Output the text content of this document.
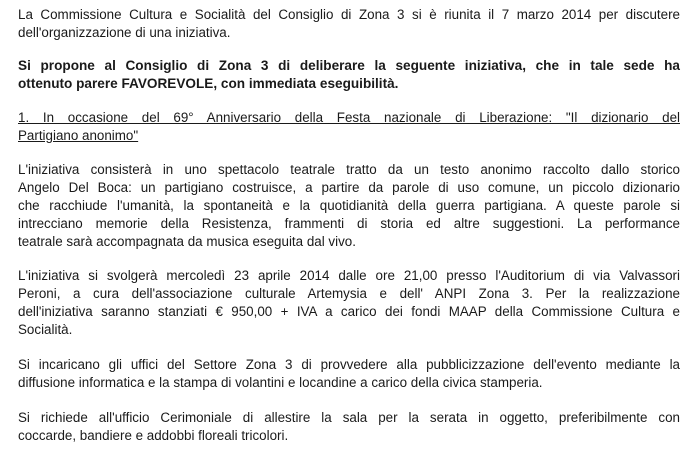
La Commissione Cultura e Socialità del Consiglio di Zona 3 si è riunita il 7 marzo 2014 per discutere
dell'organizzazione di una iniziativa.

Si propone al Consiglio di Zona 3 di deliberare la seguente iniziativa, che in tale sede ha
ottenuto parere FAVOREVOLE, con immediata eseguibilità.

1. In occasione del 69° Anniversario della Festa nazionale di Liberazione: "Il dizionario del
Partigiano anonimo"

L'iniziativa consisterà in uno spettacolo teatrale tratto da un testo anonimo raccolto dallo storico
Angelo Del Boca: un partigiano costruisce, a partire da parole di uso comune, un piccolo dizionario
che racchiude l'umanità, la spontaneità e la quotidianità della guerra partigiana. A queste parole si
intrecciano memorie della Resistenza, frammenti di storia ed altre suggestioni. La performance
teatrale sarà accompagnata da musica eseguita dal vivo.

L'iniziativa si svolgerà mercoledì 23 aprile 2014 dalle ore 21,00 presso l'Auditorium di via Valvassori
Peroni, a cura dell'associazione culturale Artemysia e dell' ANPI Zona 3. Per la realizzazione
dell'iniziativa saranno stanziati € 950,00 + IVA a carico dei fondi MAAP della Commissione Cultura e
Socialità.

Si incaricano gli uffici del Settore Zona 3 di provvedere alla pubblicizzazione dell'evento mediante la
diffusione informatica e la stampa di volantini e locandine a carico della civica stamperia.

Si richiede all'ufficio Cerimoniale di allestire la sala per la serata in oggetto, preferibilmente con
coccarde, bandiere e addobbi floreali tricolori.
